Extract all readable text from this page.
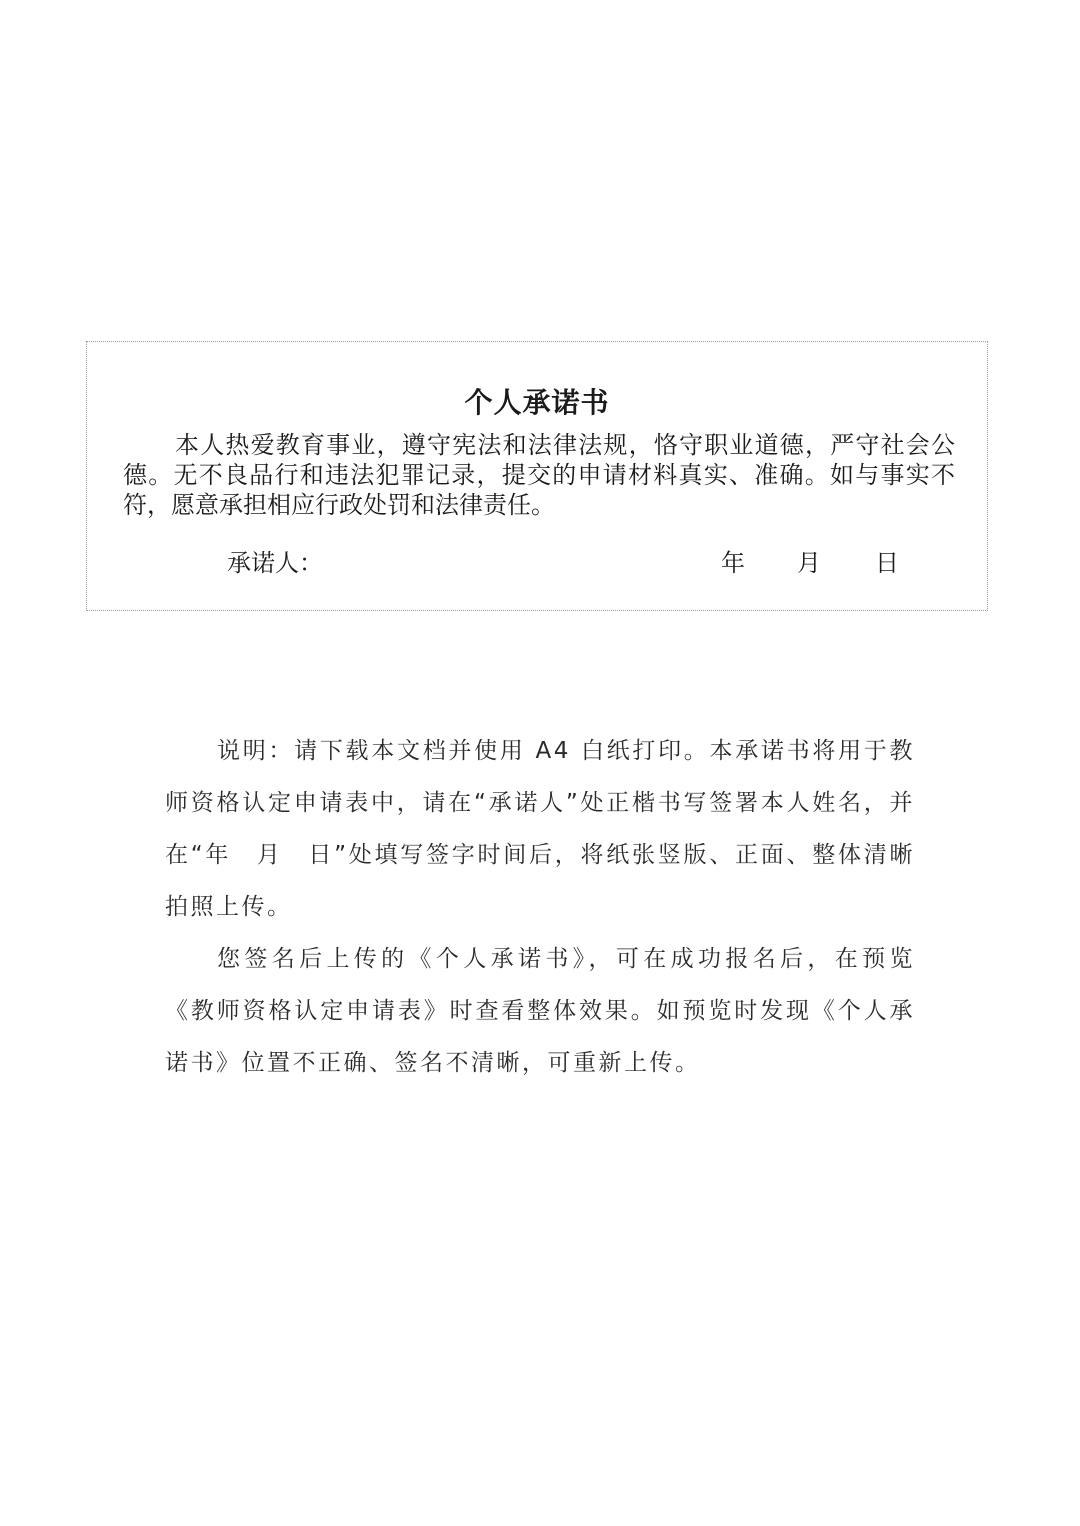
个人承诺书

本人热爱教育事业，遵守宪法和法律法规，恪守职业道德，严守社会公德。无不良品行和违法犯罪记录，提交的申请材料真实、准确。如与事实不符，愿意承担相应行政处罚和法律责任。

承诺人：	年 月 日

说明：请下载本文档并使用 A4 白纸打印。本承诺书将用于教师资格认定申请表中，请在“承诺人”处正楷书写签署本人姓名，并在“年　月　日”处填写签字时间后，将纸张竖版、正面、整体清晰拍照上传。

您签名后上传的《个人承诺书》，可在成功报名后，在预览《教师资格认定申请表》时查看整体效果。如预览时发现《个人承诺书》位置不正确、签名不清晰，可重新上传。
